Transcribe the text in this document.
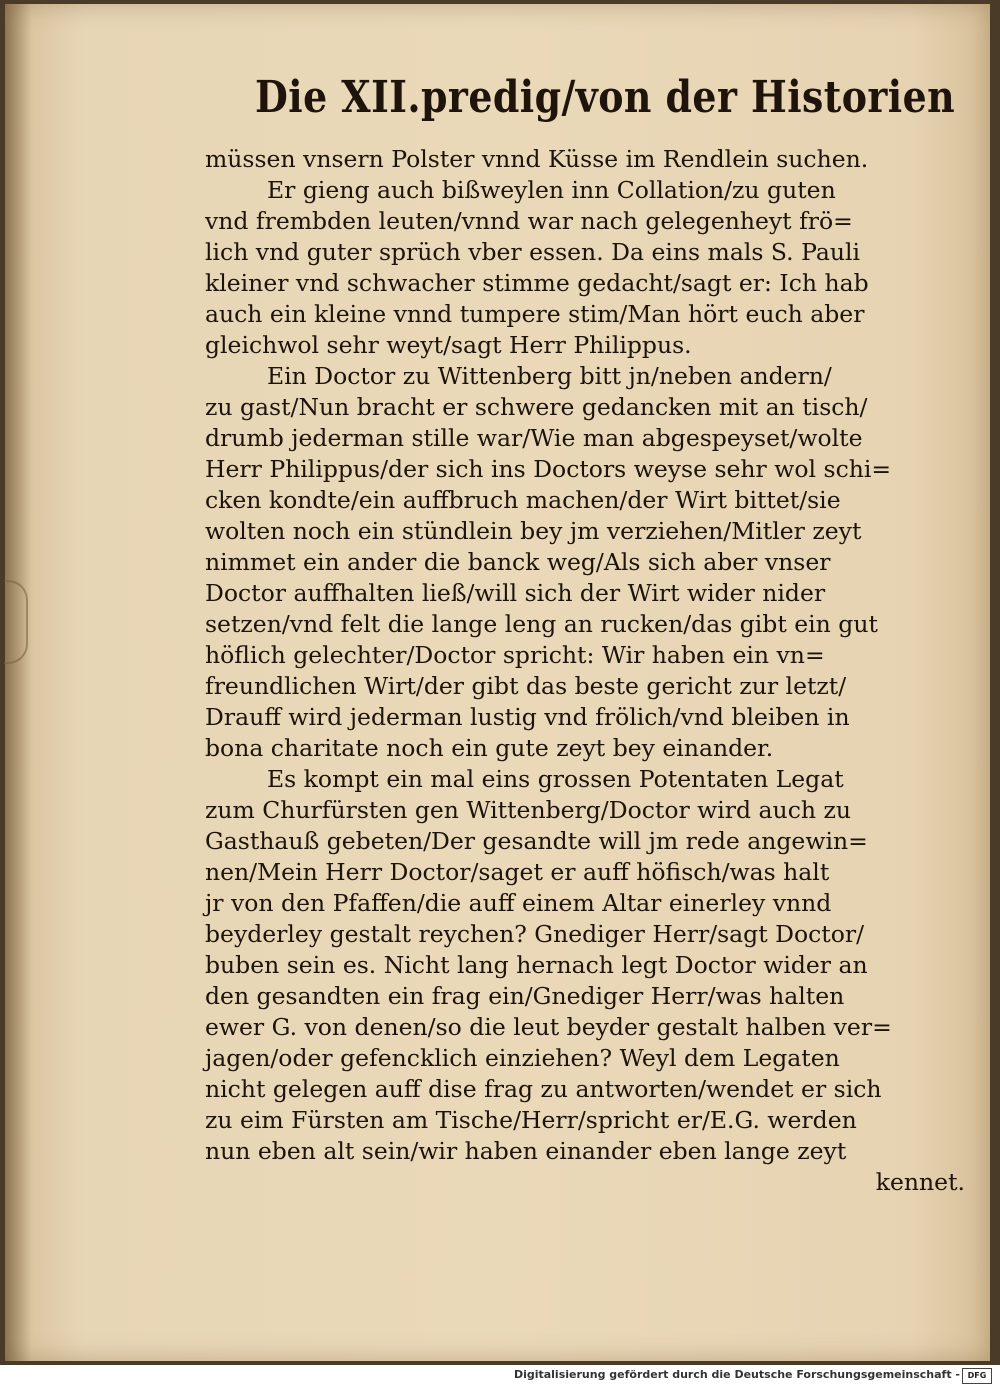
Die XII.predig/von der Historien
müssen vnsern Polster vnnd Küsse im Rendlein suchen.
Er gieng auch bißweylen inn Collation/zu guten
vnd frembden leuten/vnnd war nach gelegenheyt frö=
lich vnd guter sprüch vber essen. Da eins mals S. Pauli
kleiner vnd schwacher stimme gedacht/sagt er: Ich hab
auch ein kleine vnnd tumpere stim/Man hört euch aber
gleichwol sehr weyt/sagt Herr Philippus.
Ein Doctor zu Wittenberg bitt jn/neben andern/
zu gast/Nun bracht er schwere gedancken mit an tisch/
drumb jederman stille war/Wie man abgespeyset/wolte
Herr Philippus/der sich ins Doctors weyse sehr wol schi=
cken kondte/ein auffbruch machen/der Wirt bittet/sie
wolten noch ein stündlein bey jm verziehen/Mitler zeyt
nimmet ein ander die banck weg/Als sich aber vnser
Doctor auffhalten ließ/will sich der Wirt wider nider
setzen/vnd felt die lange leng an rucken/das gibt ein gut
höflich gelechter/Doctor spricht: Wir haben ein vn=
freundlichen Wirt/der gibt das beste gericht zur letzt/
Drauff wird jederman lustig vnd frölich/vnd bleiben in
bona charitate noch ein gute zeyt bey einander.
Es kompt ein mal eins grossen Potentaten Legat
zum Churfürsten gen Wittenberg/Doctor wird auch zu
Gasthauß gebeten/Der gesandte will jm rede angewin=
nen/Mein Herr Doctor/saget er auff höfisch/was halt
jr von den Pfaffen/die auff einem Altar einerley vnnd
beyderley gestalt reychen? Gnediger Herr/sagt Doctor/
buben sein es. Nicht lang hernach legt Doctor wider an
den gesandten ein frag ein/Gnediger Herr/was halten
ewer G. von denen/so die leut beyder gestalt halben ver=
jagen/oder gefencklich einziehen? Weyl dem Legaten
nicht gelegen auff dise frag zu antworten/wendet er sich
zu eim Fürsten am Tische/Herr/spricht er/E.G. werden
nun eben alt sein/wir haben einander eben lange zeyt
kennet.
Digitalisierung gefördert durch die Deutsche Forschungsgemeinschaft - DFG
